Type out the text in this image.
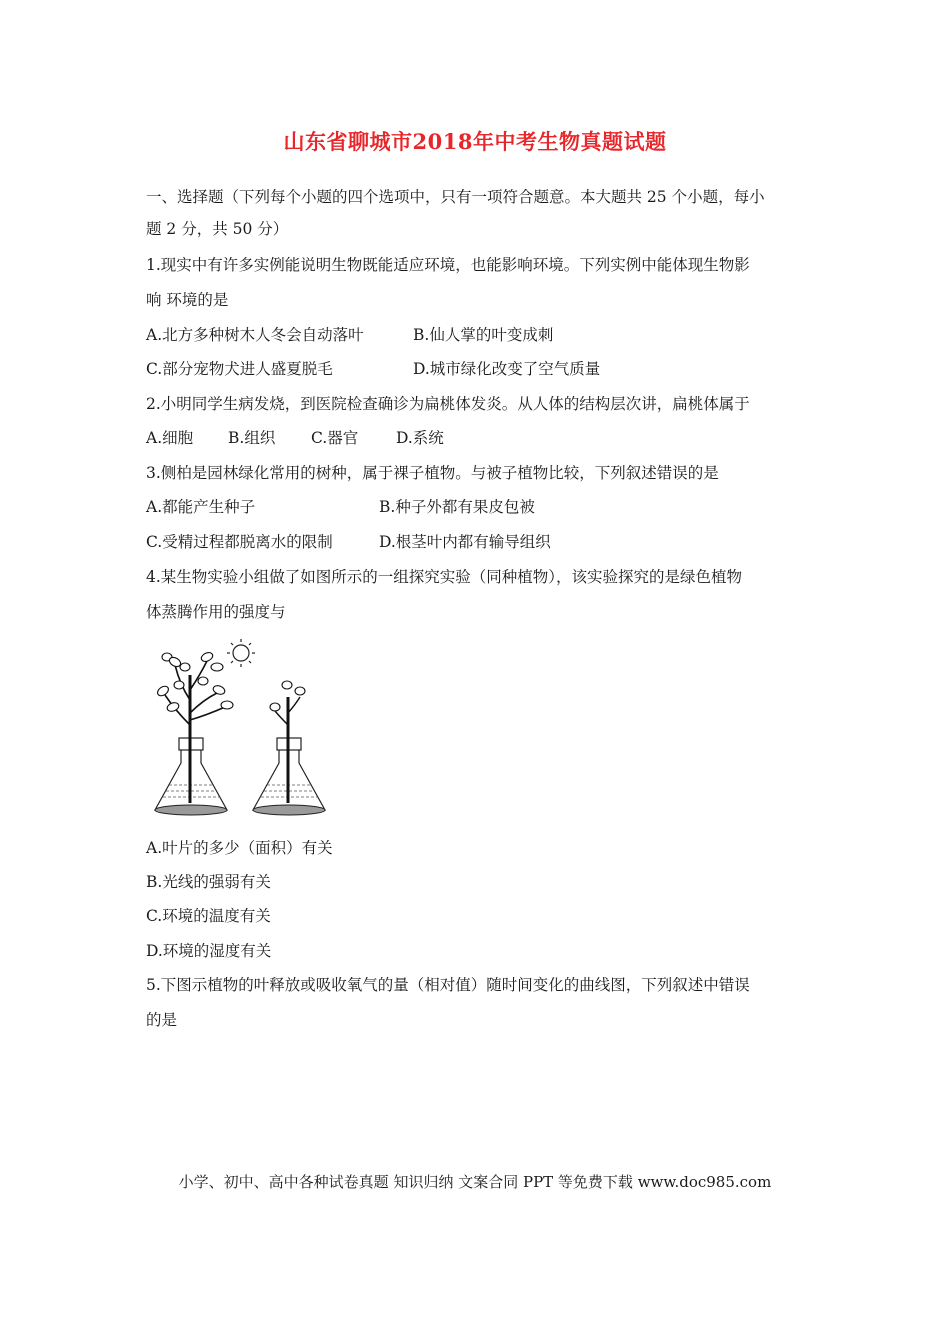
山东省聊城市2018年中考生物真题试题
一、选择题（下列每个小题的四个选项中，只有一项符合题意。本大题共 25 个小题，每小
题 2 分，共 50 分）
1.现实中有许多实例能说明生物既能适应环境，也能影响环境。下列实例中能体现生物影
响 环境的是
A.北方多种树木人冬会自动落叶	B.仙人掌的叶变成刺
C.部分宠物犬进人盛夏脱毛	D.城市绿化改变了空气质量
2.小明同学生病发烧，到医院检查确诊为扁桃体发炎。从人体的结构层次讲，扁桃体属于
A.细胞 B.组织 C.器官 D.系统
3.侧柏是园林绿化常用的树种，属于裸子植物。与被子植物比较，下列叙述错误的是
A.都能产生种子	B.种子外都有果皮包被
C.受精过程都脱离水的限制	D.根茎叶内都有输导组织
4.某生物实验小组做了如图所示的一组探究实验（同种植物），该实验探究的是绿色植物
体蒸腾作用的强度与
A.叶片的多少（面积）有关
B.光线的强弱有关
C.环境的温度有关
D.环境的湿度有关
5.下图示植物的叶释放或吸收氧气的量（相对值）随时间变化的曲线图，下列叙述中错误
的是
小学、初中、高中各种试卷真题 知识归纳 文案合同 PPT 等免费下载 www.doc985.com
